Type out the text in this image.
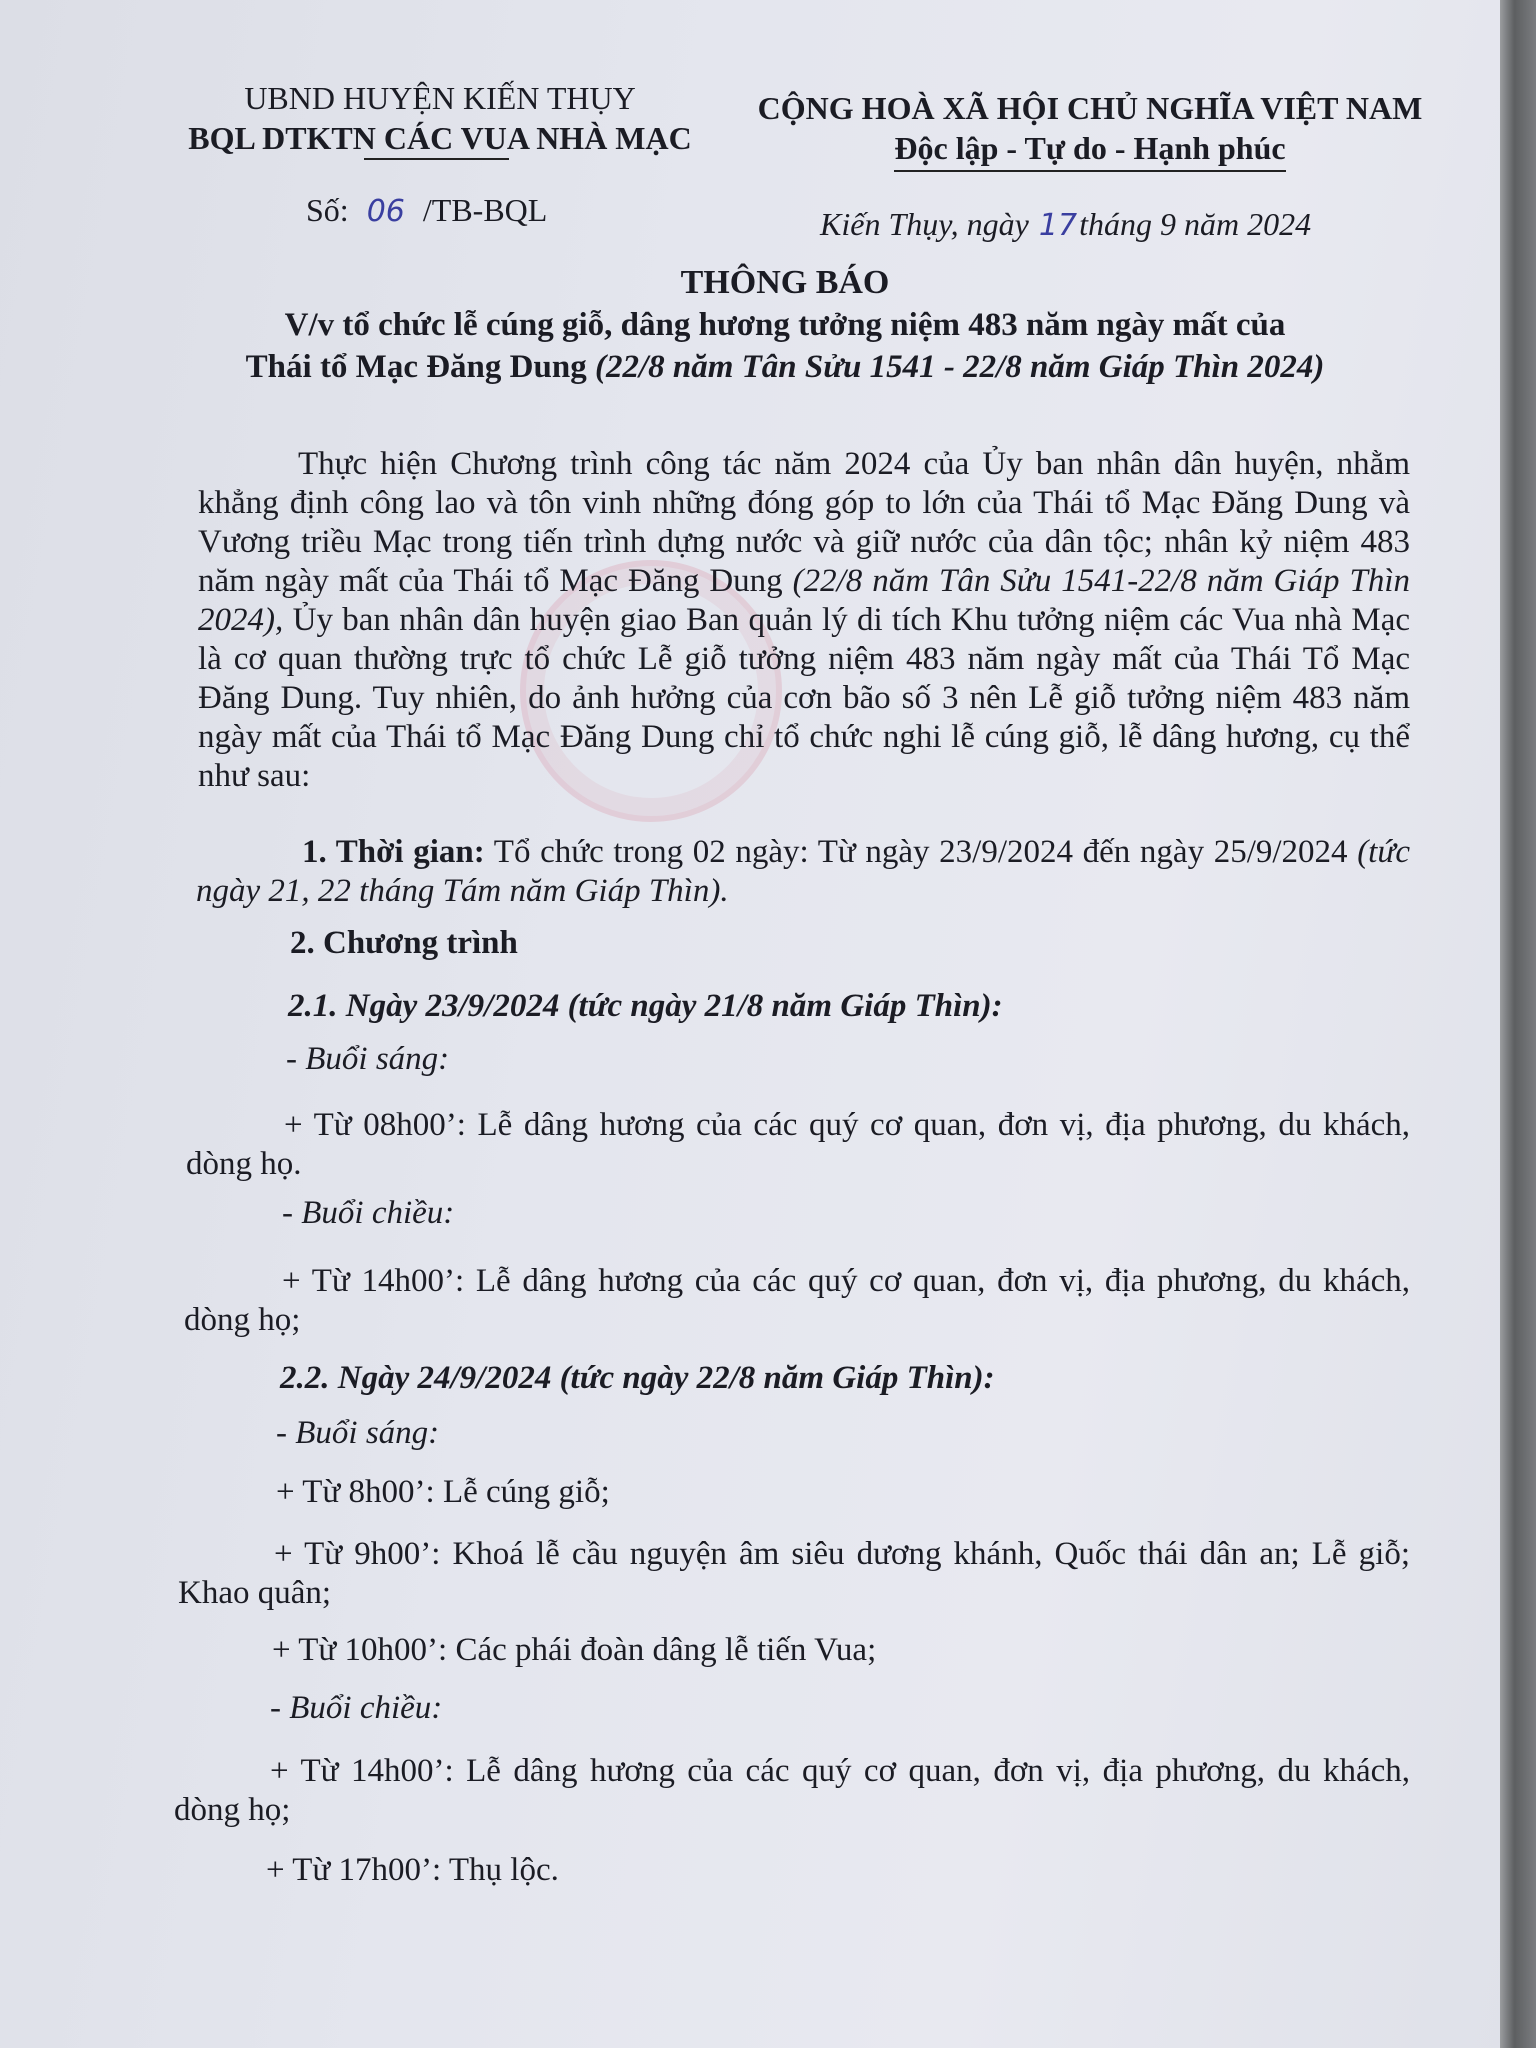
UBND HUYỆN KIẾN THỤY
BQL DTKTN CÁC VUA NHÀ MẠC
CỘNG HOÀ XÃ HỘI CHỦ NGHĨA VIỆT NAM
Độc lập - Tự do - Hạnh phúc
Số: 06 /TB-BQL	Kiến Thụy, ngày 17tháng 9 năm 2024
THÔNG BÁO
V/v tổ chức lễ cúng giỗ, dâng hương tưởng niệm 483 năm ngày mất của
Thái tổ Mạc Đăng Dung (22/8 năm Tân Sửu 1541 - 22/8 năm Giáp Thìn 2024)
Thực hiện Chương trình công tác năm 2024 của Ủy ban nhân dân huyện, nhằm khẳng định công lao và tôn vinh những đóng góp to lớn của Thái tổ Mạc Đăng Dung và Vương triều Mạc trong tiến trình dựng nước và giữ nước của dân tộc; nhân kỷ niệm 483 năm ngày mất của Thái tổ Mạc Đăng Dung (22/8 năm Tân Sửu 1541-22/8 năm Giáp Thìn 2024), Ủy ban nhân dân huyện giao Ban quản lý di tích Khu tưởng niệm các Vua nhà Mạc là cơ quan thường trực tổ chức Lễ giỗ tưởng niệm 483 năm ngày mất của Thái Tổ Mạc Đăng Dung. Tuy nhiên, do ảnh hưởng của cơn bão số 3 nên Lễ giỗ tưởng niệm 483 năm ngày mất của Thái tổ Mạc Đăng Dung chỉ tổ chức nghi lễ cúng giỗ, lễ dâng hương, cụ thể như sau:
1. Thời gian: Tổ chức trong 02 ngày: Từ ngày 23/9/2024 đến ngày 25/9/2024 (tức ngày 21, 22 tháng Tám năm Giáp Thìn).
2. Chương trình
2.1. Ngày 23/9/2024 (tức ngày 21/8 năm Giáp Thìn):
- Buổi sáng:
+ Từ 08h00’: Lễ dâng hương của các quý cơ quan, đơn vị, địa phương, du khách, dòng họ.
- Buổi chiều:
+ Từ 14h00’: Lễ dâng hương của các quý cơ quan, đơn vị, địa phương, du khách, dòng họ;
2.2. Ngày 24/9/2024 (tức ngày 22/8 năm Giáp Thìn):
- Buổi sáng:
+ Từ 8h00’: Lễ cúng giỗ;
+ Từ 9h00’: Khoá lễ cầu nguyện âm siêu dương khánh, Quốc thái dân an; Lễ giỗ; Khao quân;
+ Từ 10h00’: Các phái đoàn dâng lễ tiến Vua;
- Buổi chiều:
+ Từ 14h00’: Lễ dâng hương của các quý cơ quan, đơn vị, địa phương, du khách, dòng họ;
+ Từ 17h00’: Thụ lộc.
